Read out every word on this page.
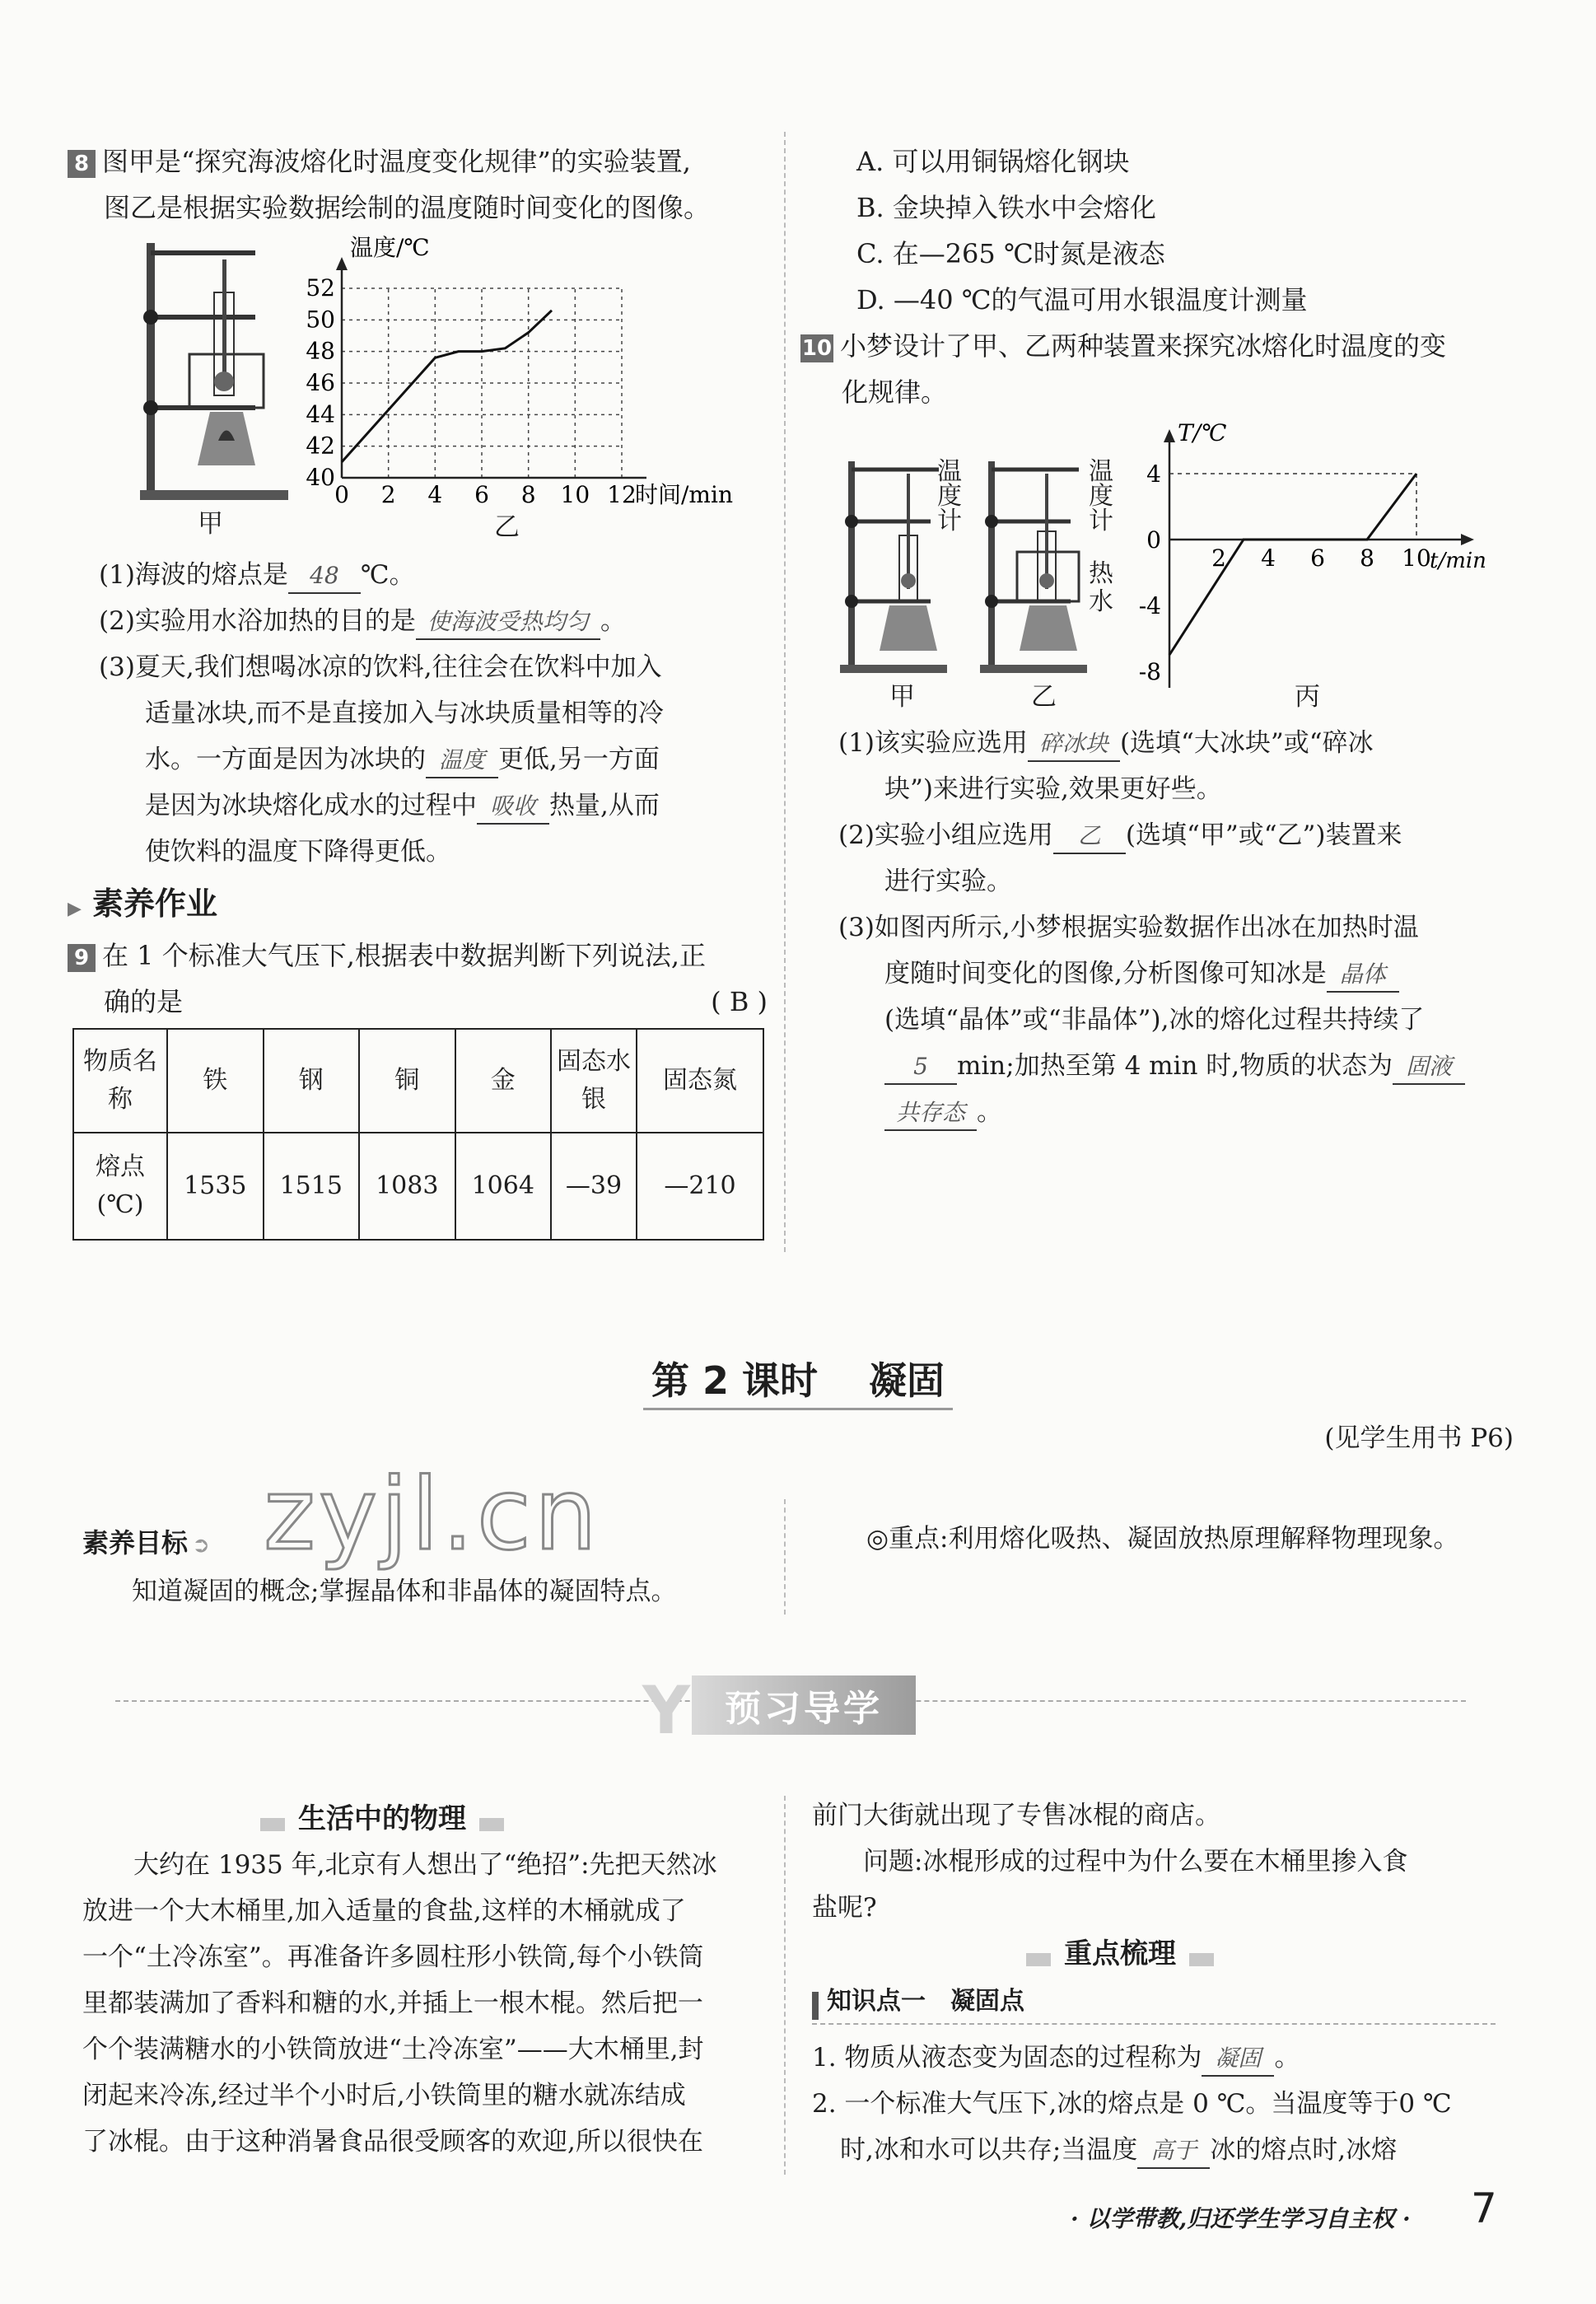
8 图甲是“探究海波熔化时温度变化规律”的实验装置,
图乙是根据实验数据绘制的温度随时间变化的图像。
甲
0 2 4 6 8 10 12
40
42
44
46
48
50
52
温度/℃
时间/min
乙
(1)海波的熔点是 48 ℃。
(2)实验用水浴加热的目的是 使海波受热均匀 。
(3)夏天,我们想喝冰凉的饮料,往往会在饮料中加入
适量冰块,而不是直接加入与冰块质量相等的冷
水。一方面是因为冰块的 温度 更低,另一方面
是因为冰块熔化成水的过程中 吸收 热量,从而
使饮料的温度下降得更低。
▶ 素养作业
9 在 1 个标准大气压下,根据表中数据判断下列说法,正
确的是	( B )
物质名称	铁	钢	铜	金	固态水银	固态氮
熔点(℃)	1535	1515	1083	1064	—39	—210
A. 可以用铜锅熔化钢块
B. 金块掉入铁水中会熔化
C. 在—265 ℃时氮是液态
D. —40 ℃的气温可用水银温度计测量
10 小梦设计了甲、乙两种装置来探究冰熔化时温度的变
化规律。
温度计
温度计
热水
甲	乙
T/℃
t/min
2 4 6 8 10
4
0
-4
-8
丙
(1)该实验应选用 碎冰块 (选填“大冰块”或“碎冰
块”)来进行实验,效果更好些。
(2)实验小组应选用 乙 (选填“甲”或“乙”)装置来
进行实验。
(3)如图丙所示,小梦根据实验数据作出冰在加热时温
度随时间变化的图像,分析图像可知冰是 晶体
(选填“晶体”或“非晶体”),冰的熔化过程共持续了
5 min;加热至第 4 min 时,物质的状态为 固液
共存态 。
第 2 课时　 凝固
(见学生用书 P6)
zyjl.cn
素养目标 ➲
知道凝固的概念;掌握晶体和非晶体的凝固特点。
◎重点:利用熔化吸热、凝固放热原理解释物理现象。
预习导学
Y
生活中的物理
大约在 1935 年,北京有人想出了“绝招”:先把天然冰
放进一个大木桶里,加入适量的食盐,这样的木桶就成了
一个“土冷冻室”。再准备许多圆柱形小铁筒,每个小铁筒
里都装满加了香料和糖的水,并插上一根木棍。然后把一
个个装满糖水的小铁筒放进“土冷冻室”——大木桶里,封
闭起来冷冻,经过半个小时后,小铁筒里的糖水就冻结成
了冰棍。由于这种消暑食品很受顾客的欢迎,所以很快在
前门大街就出现了专售冰棍的商店。
问题:冰棍形成的过程中为什么要在木桶里掺入食
盐呢?
重点梳理
知识点一　凝固点
1. 物质从液态变为固态的过程称为 凝固 。
2. 一个标准大气压下,冰的熔点是 0 ℃。当温度等于0 ℃
时,冰和水可以共存;当温度 高于 冰的熔点时,冰熔
· 以学带教,归还学生学习自主权 · 7
